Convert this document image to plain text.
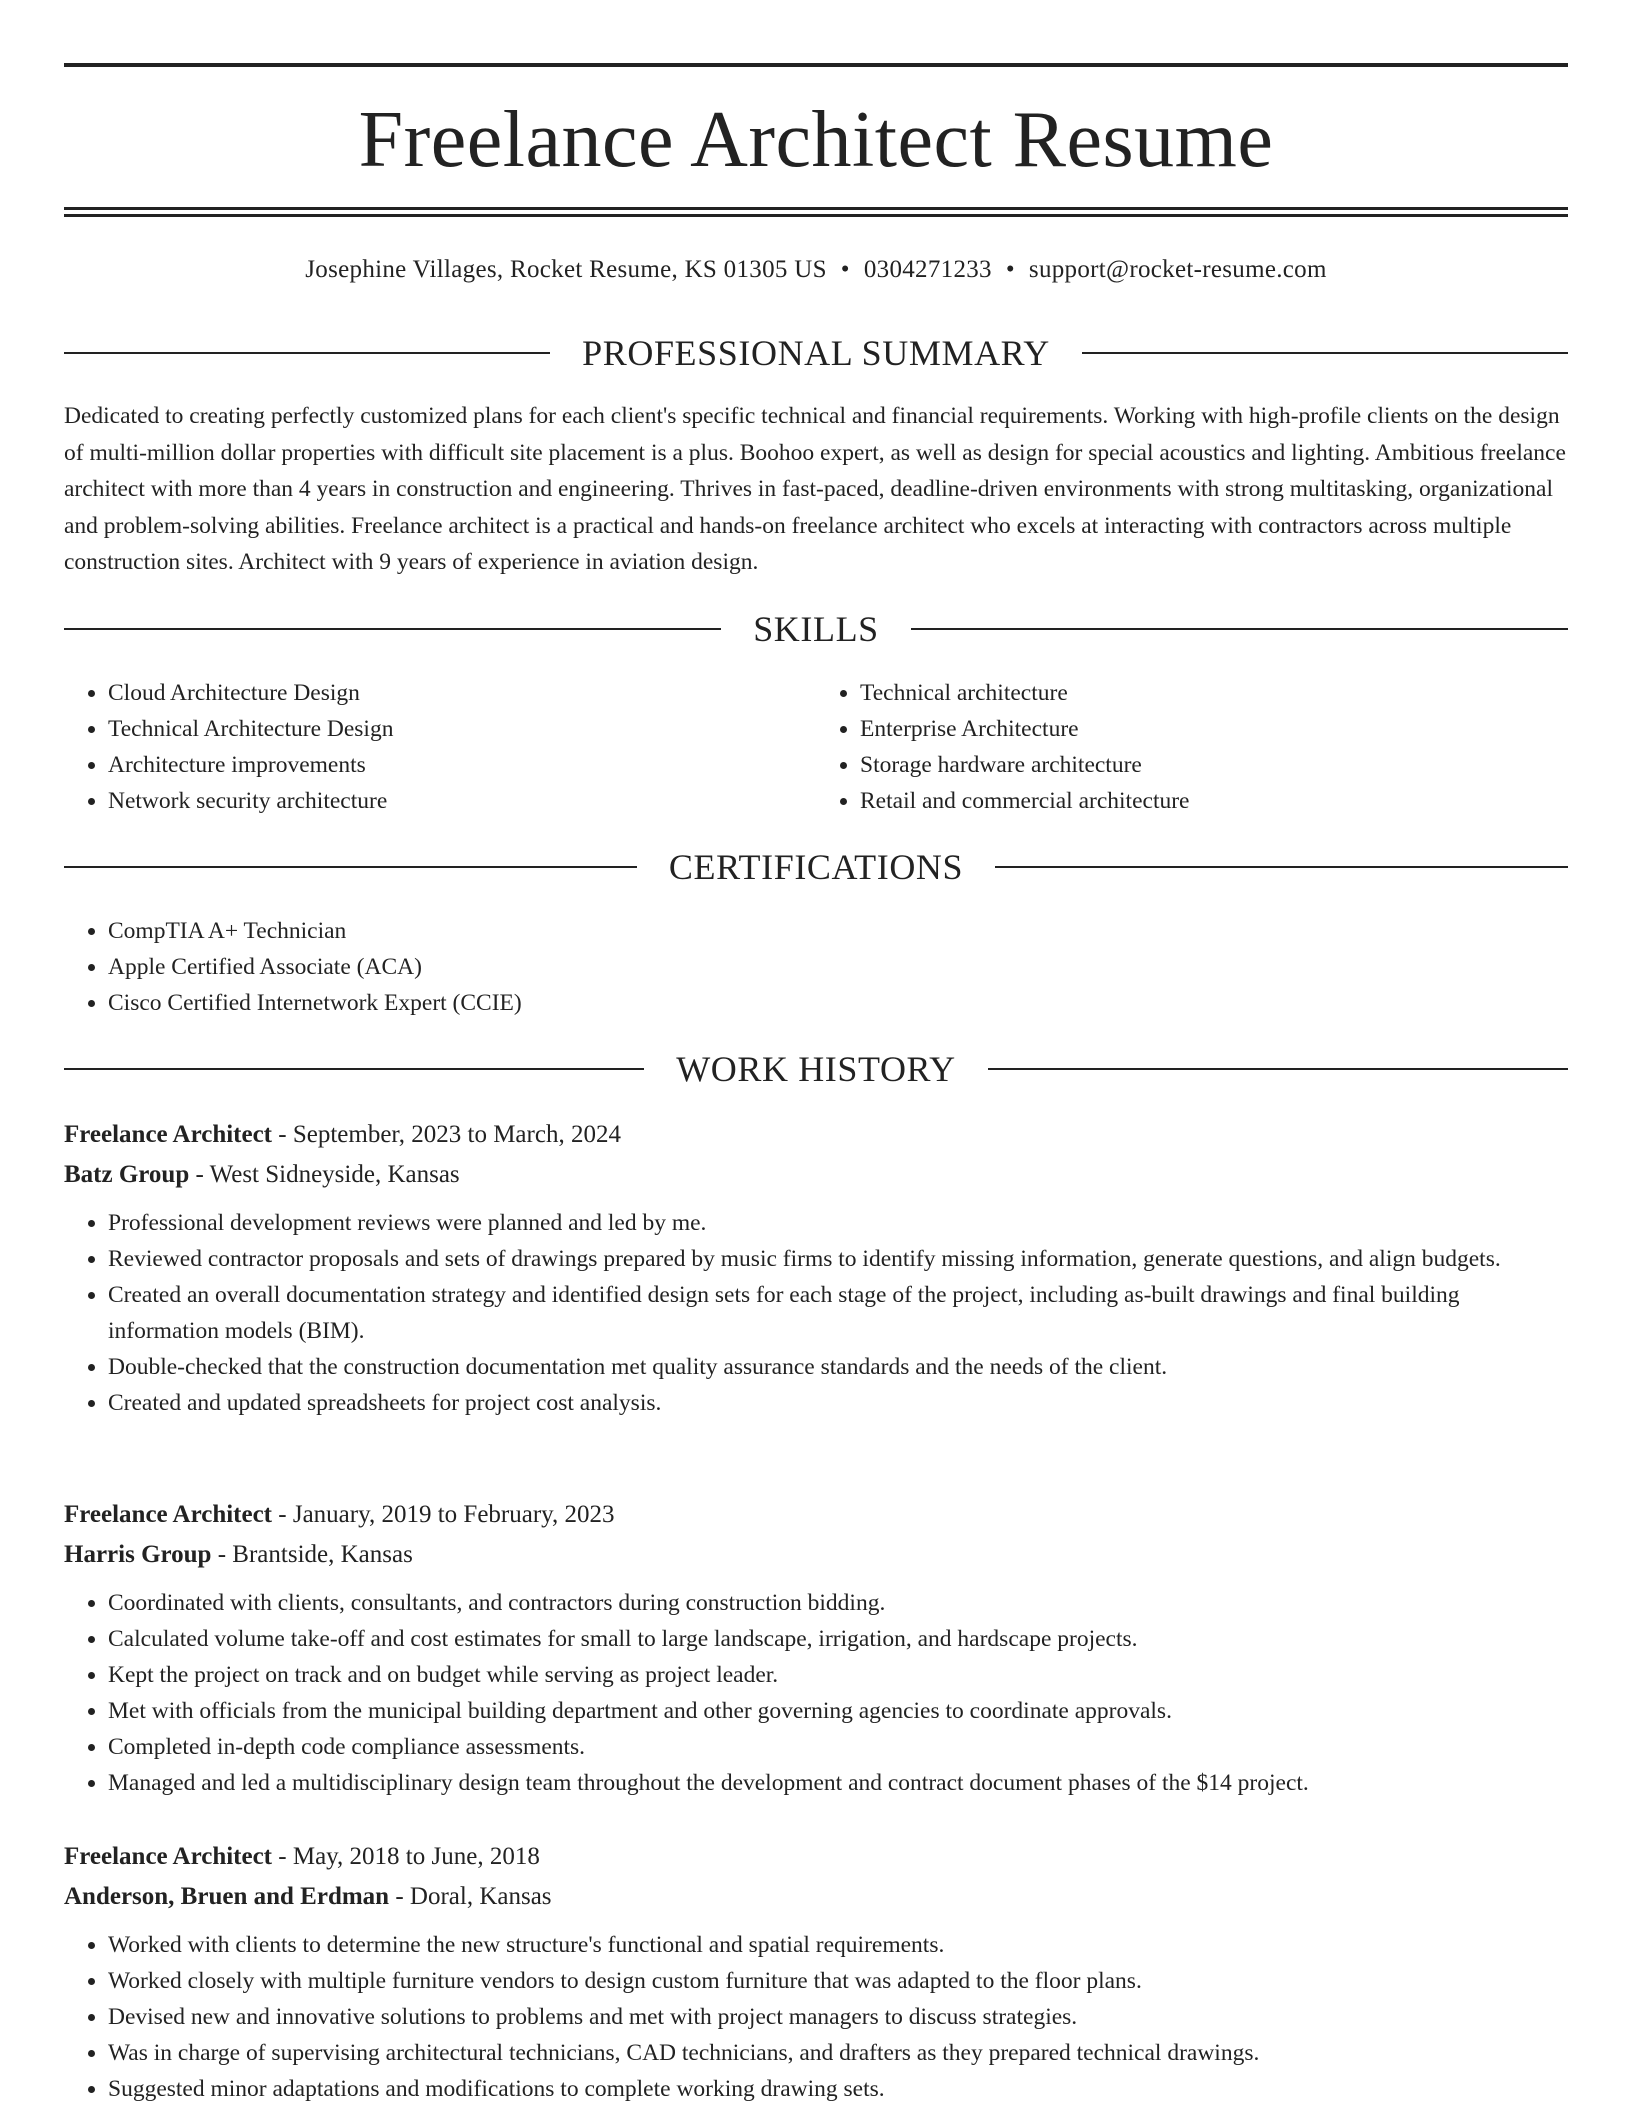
Freelance Architect Resume
Josephine Villages, Rocket Resume, KS 01305 US • 0304271233 • support@rocket-resume.com
PROFESSIONAL SUMMARY

Dedicated to creating perfectly customized plans for each client's specific technical and financial requirements. Working with high-profile clients on the design of multi-million dollar properties with difficult site placement is a plus. Boohoo expert, as well as design for special acoustics and lighting. Ambitious freelance architect with more than 4 years in construction and engineering. Thrives in fast-paced, deadline-driven environments with strong multitasking, organizational and problem-solving abilities. Freelance architect is a practical and hands-on freelance architect who excels at interacting with contractors across multiple construction sites. Architect with 9 years of experience in aviation design.

SKILLS
• Cloud Architecture Design
• Technical Architecture Design
• Architecture improvements
• Network security architecture
• Technical architecture
• Enterprise Architecture
• Storage hardware architecture
• Retail and commercial architecture
CERTIFICATIONS
• CompTIA A+ Technician
• Apple Certified Associate (ACA)
• Cisco Certified Internetwork Expert (CCIE)
WORK HISTORY
Freelance Architect - September, 2023 to March, 2024
Batz Group - West Sidneyside, Kansas
• Professional development reviews were planned and led by me.
• Reviewed contractor proposals and sets of drawings prepared by music firms to identify missing information, generate questions, and align budgets.
• Created an overall documentation strategy and identified design sets for each stage of the project, including as-built drawings and final building information models (BIM).
• Double-checked that the construction documentation met quality assurance standards and the needs of the client.
• Created and updated spreadsheets for project cost analysis.
Freelance Architect - January, 2019 to February, 2023
Harris Group - Brantside, Kansas
• Coordinated with clients, consultants, and contractors during construction bidding.
• Calculated volume take-off and cost estimates for small to large landscape, irrigation, and hardscape projects.
• Kept the project on track and on budget while serving as project leader.
• Met with officials from the municipal building department and other governing agencies to coordinate approvals.
• Completed in-depth code compliance assessments.
• Managed and led a multidisciplinary design team throughout the development and contract document phases of the $14 project.
Freelance Architect - May, 2018 to June, 2018
Anderson, Bruen and Erdman - Doral, Kansas
• Worked with clients to determine the new structure's functional and spatial requirements.
• Worked closely with multiple furniture vendors to design custom furniture that was adapted to the floor plans.
• Devised new and innovative solutions to problems and met with project managers to discuss strategies.
• Was in charge of supervising architectural technicians, CAD technicians, and drafters as they prepared technical drawings.
• Suggested minor adaptations and modifications to complete working drawing sets.
